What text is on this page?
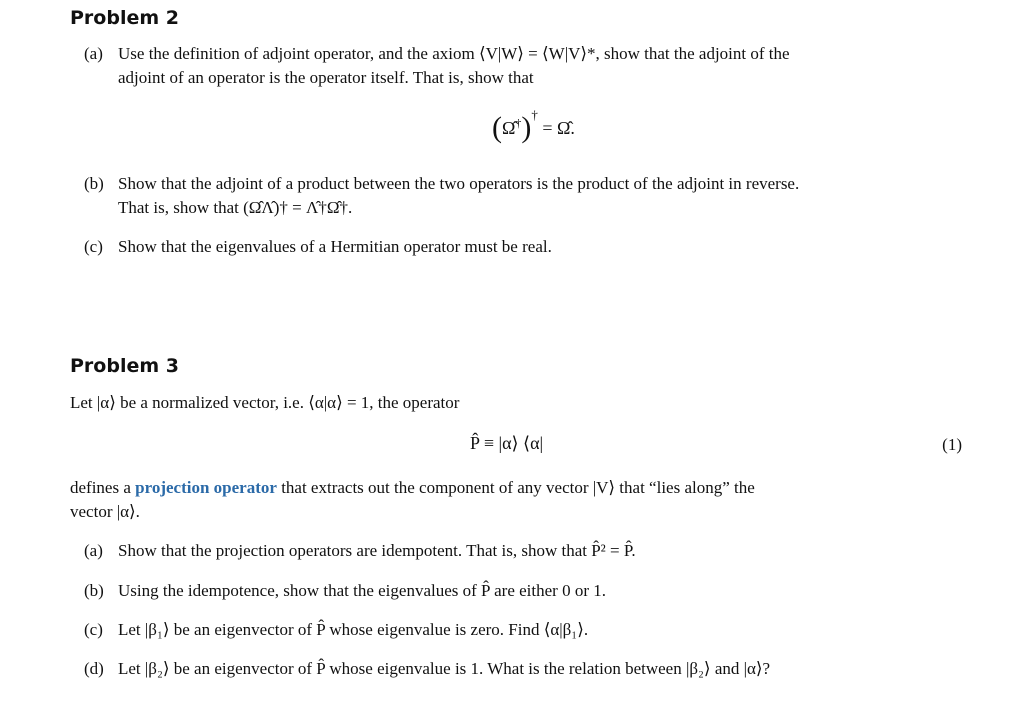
Problem 2
(a) Use the definition of adjoint operator, and the axiom ⟨V|W⟩ = ⟨W|V⟩*, show that the adjoint of the
adjoint of an operator is the operator itself. That is, show that
(Ω̂†)† = Ω̂.
(b) Show that the adjoint of a product between the two operators is the product of the adjoint in reverse.
That is, show that (Ω̂Λ̂)† = Λ̂†Ω̂†.
(c) Show that the eigenvalues of a Hermitian operator must be real.
Problem 3
Let |α⟩ be a normalized vector, i.e. ⟨α|α⟩ = 1, the operator
P̂ ≡ |α⟩ ⟨α|	(1)
defines a projection operator that extracts out the component of any vector |V⟩ that “lies along” the
vector |α⟩.
(a) Show that the projection operators are idempotent. That is, show that P̂² = P̂.
(b) Using the idempotence, show that the eigenvalues of P̂ are either 0 or 1.
(c) Let |β₁⟩ be an eigenvector of P̂ whose eigenvalue is zero. Find ⟨α|β₁⟩.
(d) Let |β₂⟩ be an eigenvector of P̂ whose eigenvalue is 1. What is the relation between |β₂⟩ and |α⟩?
